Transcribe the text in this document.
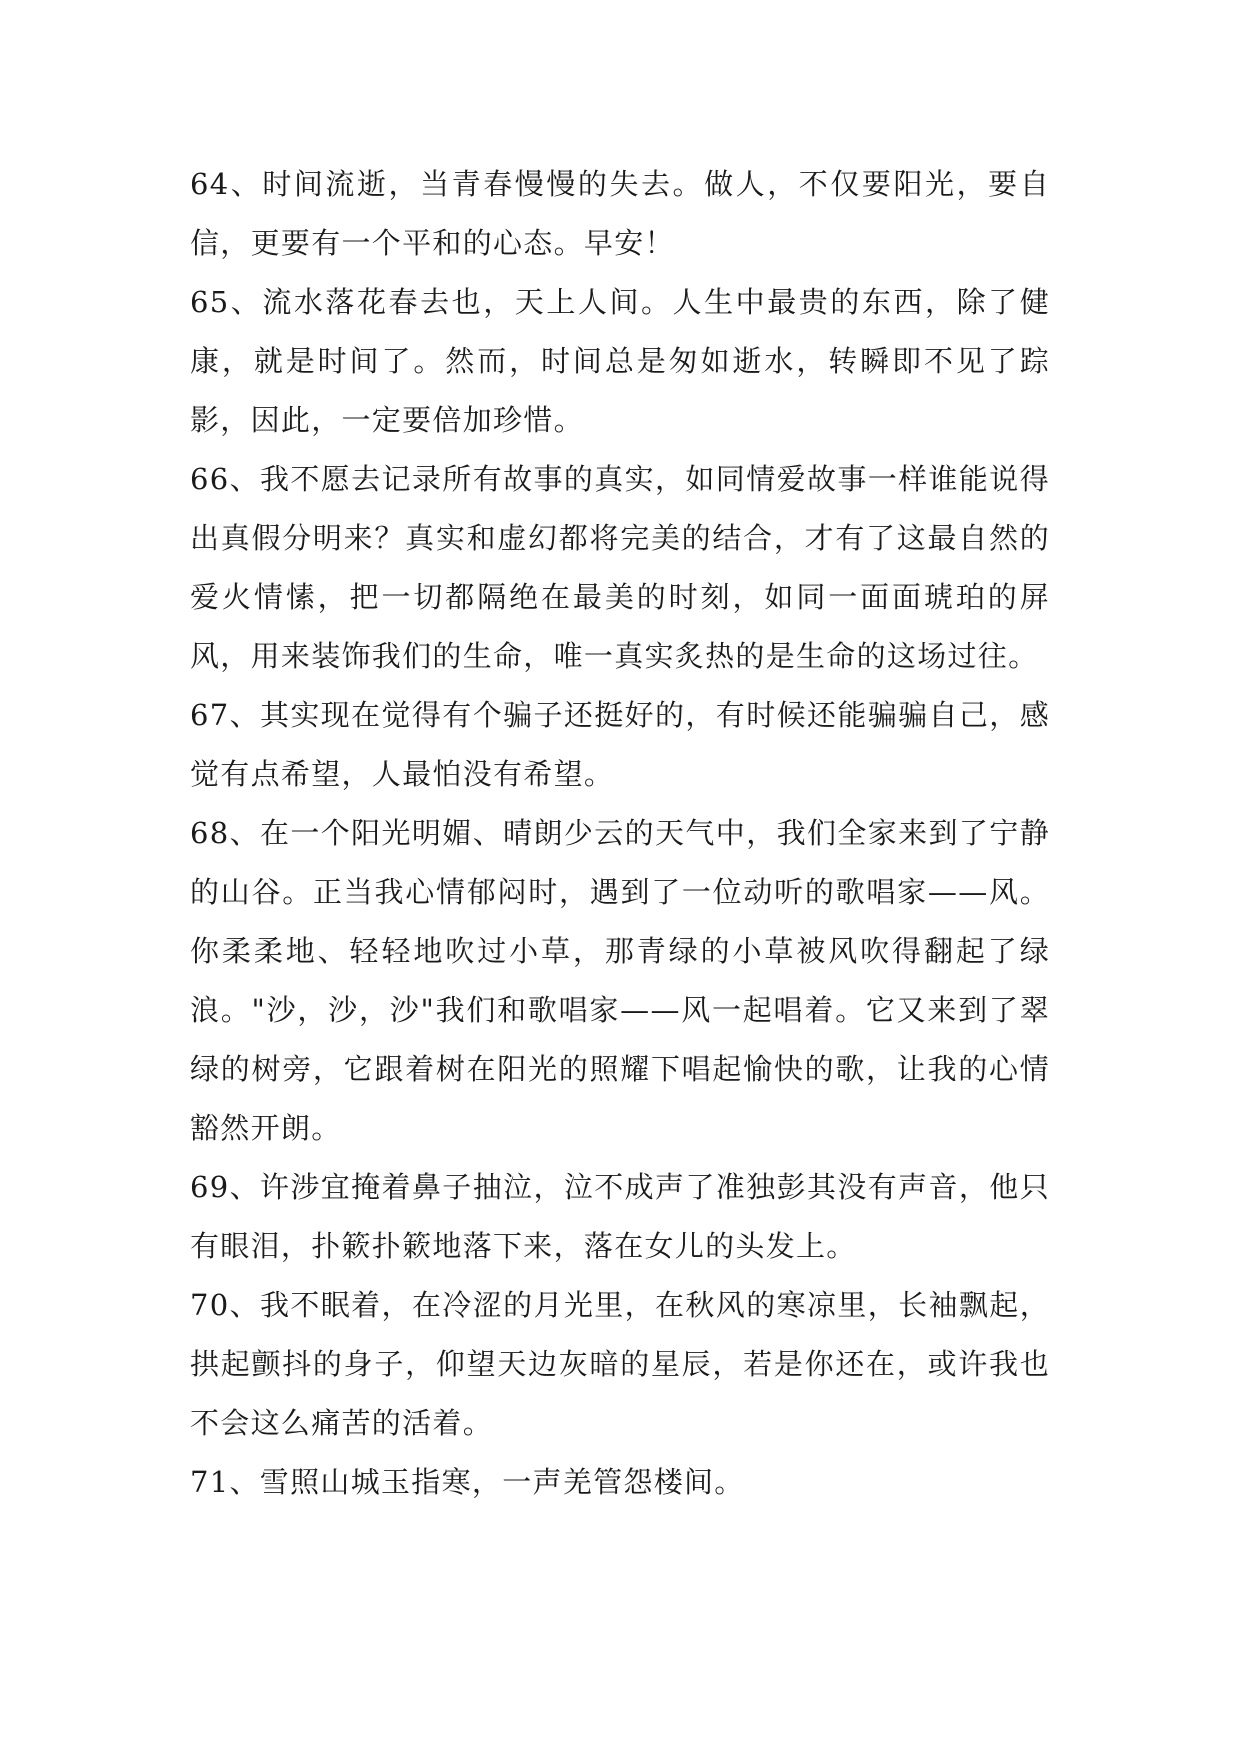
64、时间流逝，当青春慢慢的失去。做人，不仅要阳光，要自信，更要有一个平和的心态。早安！

65、流水落花春去也，天上人间。人生中最贵的东西，除了健康，就是时间了。然而，时间总是匆如逝水，转瞬即不见了踪影，因此，一定要倍加珍惜。

66、我不愿去记录所有故事的真实，如同情爱故事一样谁能说得出真假分明来？真实和虚幻都将完美的结合，才有了这最自然的爱火情愫，把一切都隔绝在最美的时刻，如同一面面琥珀的屏风，用来装饰我们的生命，唯一真实炙热的是生命的这场过往。

67、其实现在觉得有个骗子还挺好的，有时候还能骗骗自己，感觉有点希望，人最怕没有希望。

68、在一个阳光明媚、晴朗少云的天气中，我们全家来到了宁静的山谷。正当我心情郁闷时，遇到了一位动听的歌唱家——风。你柔柔地、轻轻地吹过小草，那青绿的小草被风吹得翻起了绿浪。"沙，沙，沙"我们和歌唱家——风一起唱着。它又来到了翠绿的树旁，它跟着树在阳光的照耀下唱起愉快的歌，让我的心情豁然开朗。

69、许涉宜掩着鼻子抽泣，泣不成声了准独彭其没有声音，他只有眼泪，扑簌扑簌地落下来，落在女儿的头发上。

70、我不眠着，在冷涩的月光里，在秋风的寒凉里，长袖飘起，拱起颤抖的身子，仰望天边灰暗的星辰，若是你还在，或许我也不会这么痛苦的活着。

71、雪照山城玉指寒，一声羌管怨楼间。
